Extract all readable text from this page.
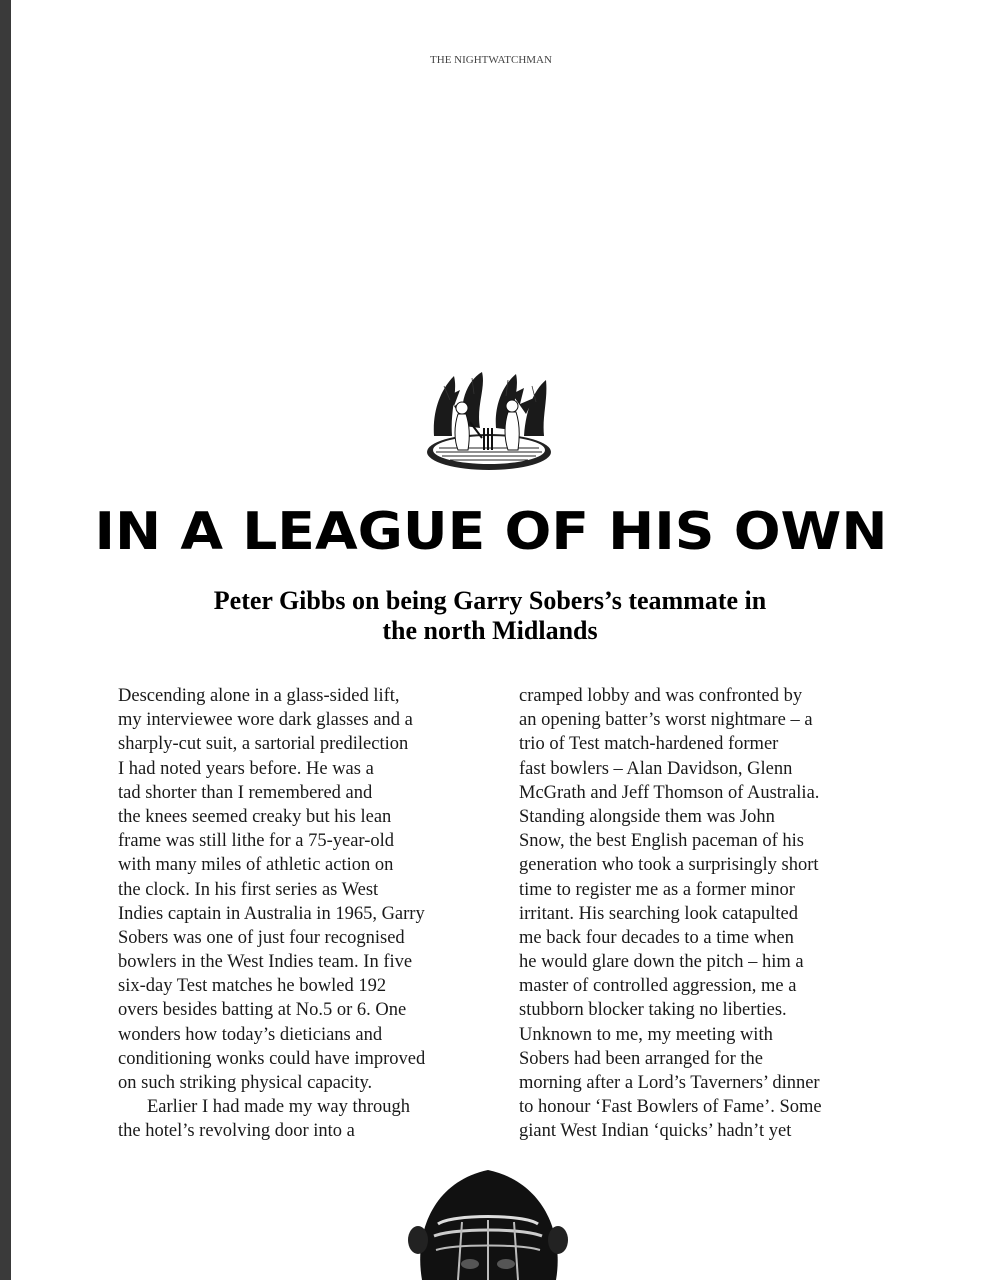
THE NIGHTWATCHMAN
IN A LEAGUE OF HIS OWN
Peter Gibbs on being Garry Sobers’s teammate in
the north Midlands
Descending alone in a glass-sided lift,
my interviewee wore dark glasses and a
sharply-cut suit, a sartorial predilection
I had noted years before. He was a
tad shorter than I remembered and
the knees seemed creaky but his lean
frame was still lithe for a 75-year-old
with many miles of athletic action on
the clock. In his first series as West
Indies captain in Australia in 1965, Garry
Sobers was one of just four recognised
bowlers in the West Indies team. In five
six-day Test matches he bowled 192
overs besides batting at No.5 or 6. One
wonders how today’s dieticians and
conditioning wonks could have improved
on such striking physical capacity.
Earlier I had made my way through
the hotel’s revolving door into a
cramped lobby and was confronted by
an opening batter’s worst nightmare – a
trio of Test match-hardened former
fast bowlers – Alan Davidson, Glenn
McGrath and Jeff Thomson of Australia.
Standing alongside them was John
Snow, the best English paceman of his
generation who took a surprisingly short
time to register me as a former minor
irritant. His searching look catapulted
me back four decades to a time when
he would glare down the pitch – him a
master of controlled aggression, me a
stubborn blocker taking no liberties.
Unknown to me, my meeting with
Sobers had been arranged for the
morning after a Lord’s Taverners’ dinner
to honour ‘Fast Bowlers of Fame’. Some
giant West Indian ‘quicks’ hadn’t yet
